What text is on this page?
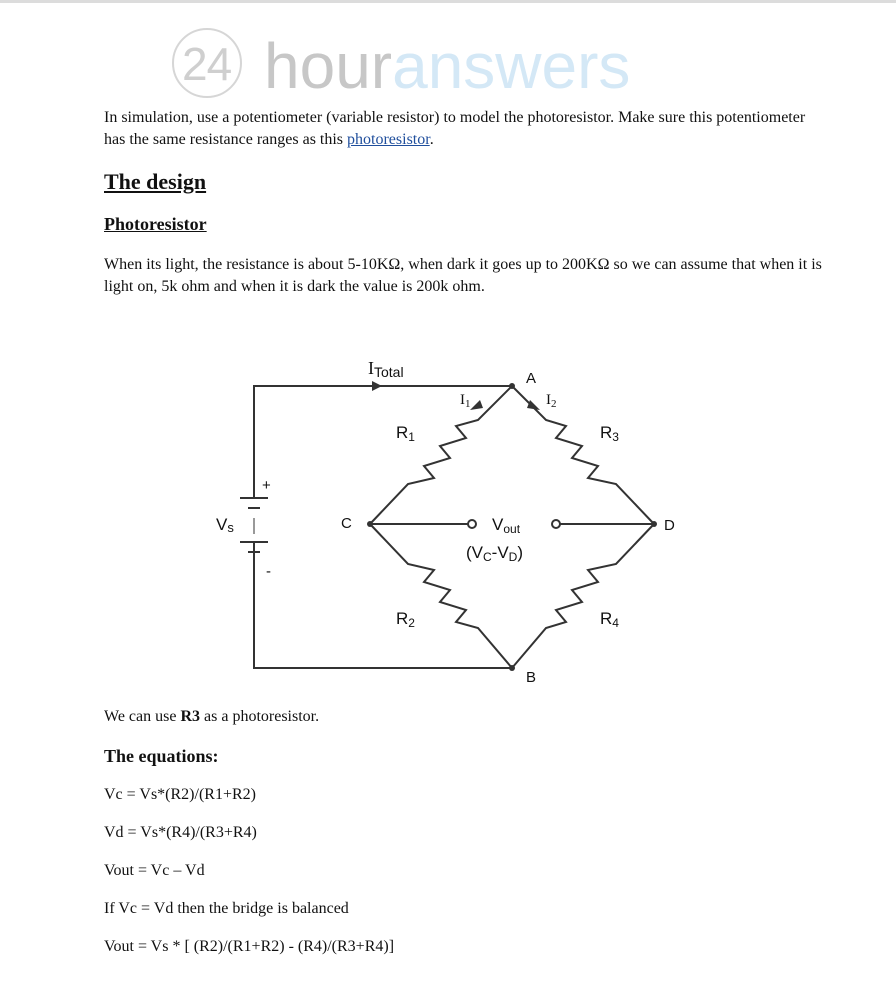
24 houranswers
In simulation, use a potentiometer (variable resistor) to model the photoresistor. Make sure this potentiometer has the same resistance ranges as this photoresistor.
The design
Photoresistor
When its light, the resistance is about 5-10KΩ, when dark it goes up to 200KΩ so we can assume that when it is light on, 5k ohm and when it is dark the value is 200k ohm.
ITotal	A
B
C	D
$I_1$	$I_2$
R1
R2
R3
R4
Vs
+
-
Vout
(VC-VD)
We can use R3 as a photoresistor.
The equations:
Vc = Vs*(R2)/(R1+R2)
Vd = Vs*(R4)/(R3+R4)
Vout = Vc – Vd
If Vc = Vd then the bridge is balanced
Vout = Vs * [ (R2)/(R1+R2) - (R4)/(R3+R4)]
